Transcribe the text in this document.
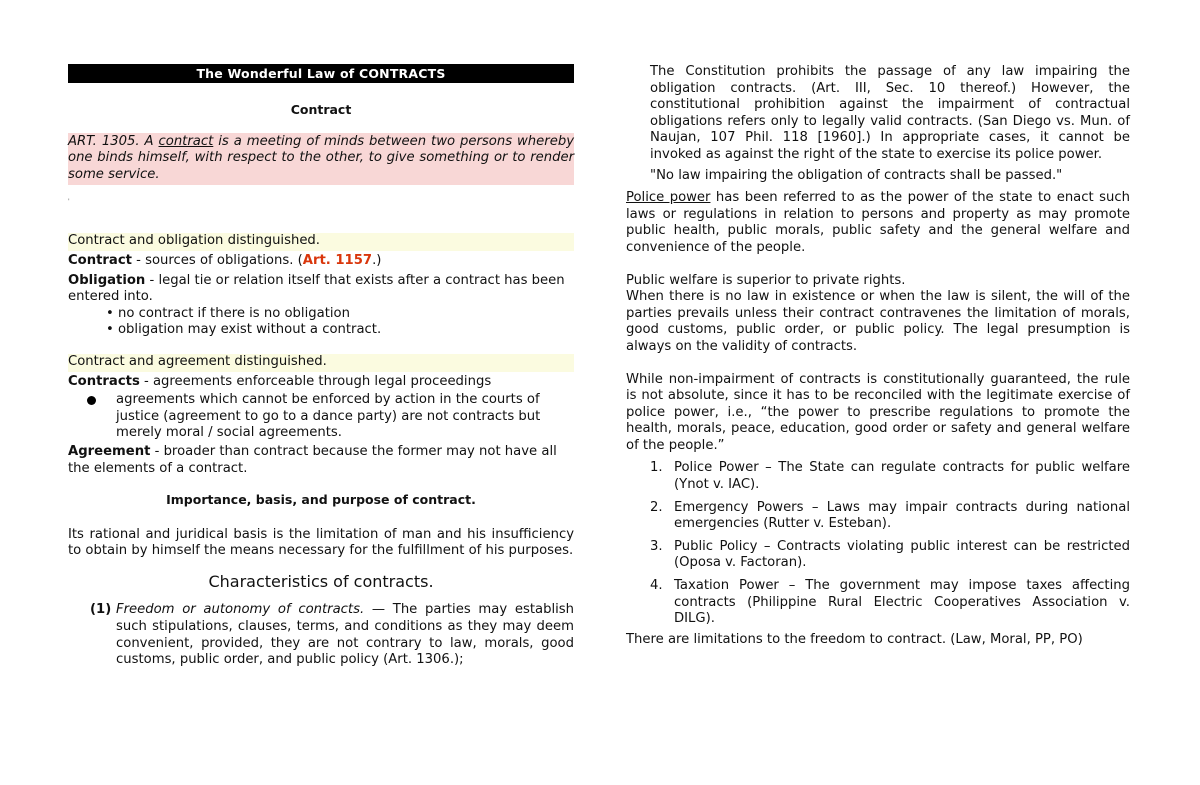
The Wonderful Law of CONTRACTS
Contract
ART. 1305. A contract is a meeting of minds between two persons whereby one binds himself, with respect to the other, to give something or to render some service.
'
Contract and obligation distinguished.
Contract - sources of obligations. (Art. 1157.)
Obligation - legal tie or relation itself that exists after a contract has been entered into.
• no contract if there is no obligation
• obligation may exist without a contract.
Contract and agreement distinguished.
Contracts - agreements enforceable through legal proceedings
agreements which cannot be enforced by action in the courts of justice (agreement to go to a dance party) are not contracts but merely moral / social agreements.
Agreement - broader than contract because the former may not have all the elements of a contract.
Importance, basis, and purpose of contract.
Its rational and juridical basis is the limitation of man and his insufficiency to obtain by himself the means necessary for the fulfillment of his purposes.
Characteristics of contracts.
(1) Freedom or autonomy of contracts. — The parties may establish such stipulations, clauses, terms, and conditions as they may deem convenient, provided, they are not contrary to law, morals, good customs, public order, and public policy (Art. 1306.);
The Constitution prohibits the passage of any law impairing the obligation contracts. (Art. III, Sec. 10 thereof.) However, the constitutional prohibition against the impairment of contractual obligations refers only to legally valid contracts. (San Diego vs. Mun. of Naujan, 107 Phil. 118 [1960].) In appropriate cases, it cannot be invoked as against the right of the state to exercise its police power.
"No law impairing the obligation of contracts shall be passed."
Police power has been referred to as the power of the state to enact such laws or regulations in relation to persons and property as may promote public health, public morals, public safety and the general welfare and convenience of the people.
Public welfare is superior to private rights.
When there is no law in existence or when the law is silent, the will of the parties prevails unless their contract contravenes the limitation of morals, good customs, public order, or public policy. The legal presumption is always on the validity of contracts.
While non-impairment of contracts is constitutionally guaranteed, the rule is not absolute, since it has to be reconciled with the legitimate exercise of police power, i.e., “the power to prescribe regulations to promote the health, morals, peace, education, good order or safety and general welfare of the people.”
1. Police Power – The State can regulate contracts for public welfare (Ynot v. IAC).
2. Emergency Powers – Laws may impair contracts during national emergencies (Rutter v. Esteban).
3. Public Policy – Contracts violating public interest can be restricted (Oposa v. Factoran).
4. Taxation Power – The government may impose taxes affecting contracts (Philippine Rural Electric Cooperatives Association v. DILG).
There are limitations to the freedom to contract. (Law, Moral, PP, PO)
